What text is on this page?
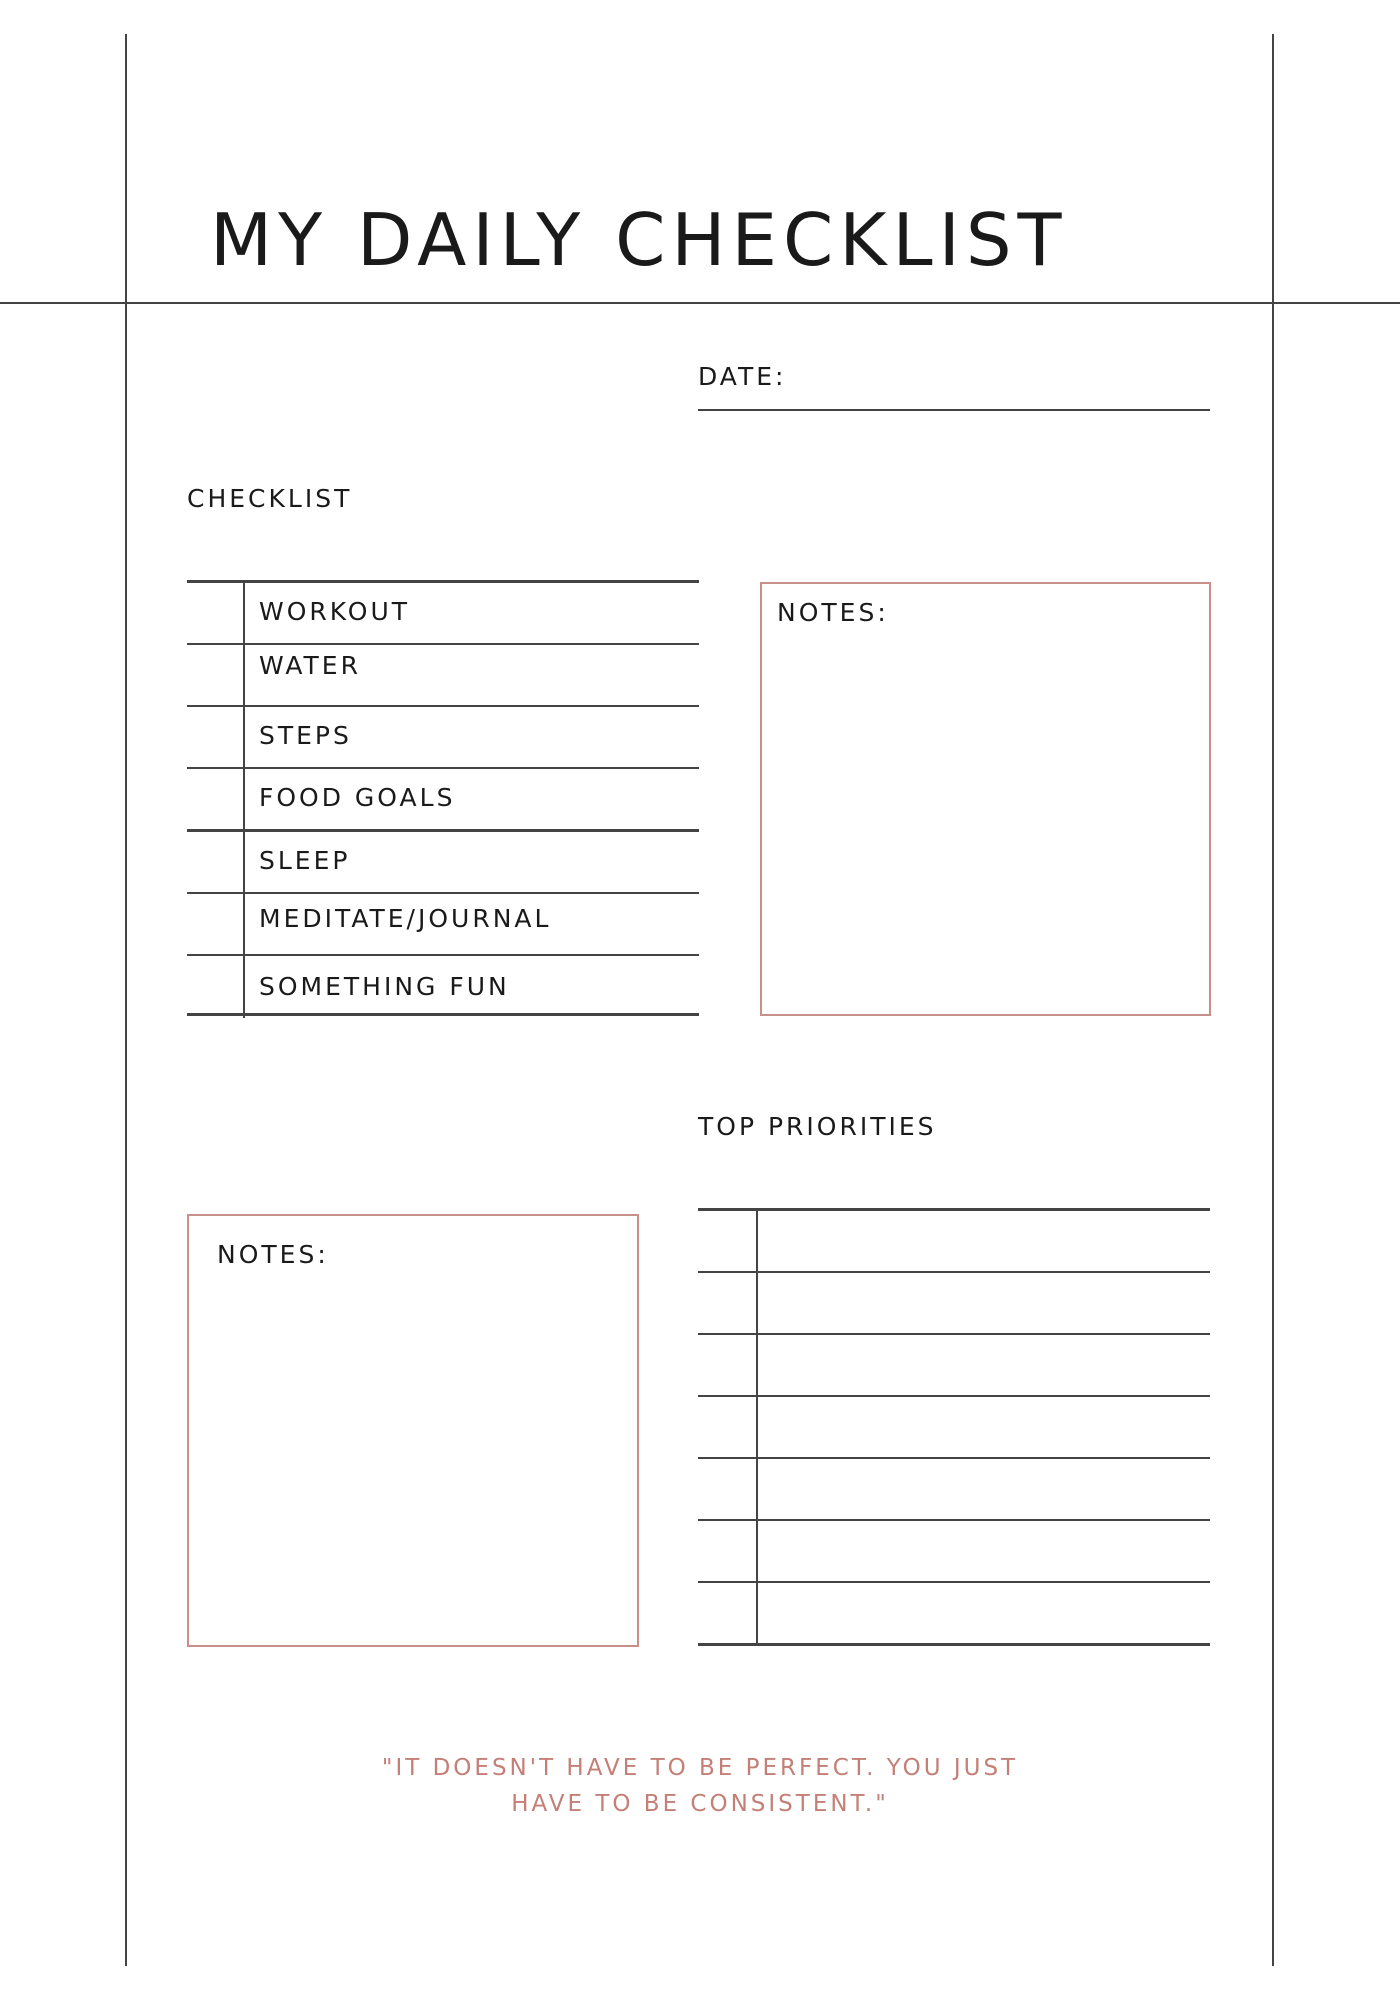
MY DAILY CHECKLIST
DATE:
CHECKLIST
WORKOUT
WATER
STEPS
FOOD GOALS
SLEEP
MEDITATE/JOURNAL
SOMETHING FUN
NOTES:
TOP PRIORITIES
NOTES:
"IT DOESN'T HAVE TO BE PERFECT. YOU JUST HAVE TO BE CONSISTENT."
